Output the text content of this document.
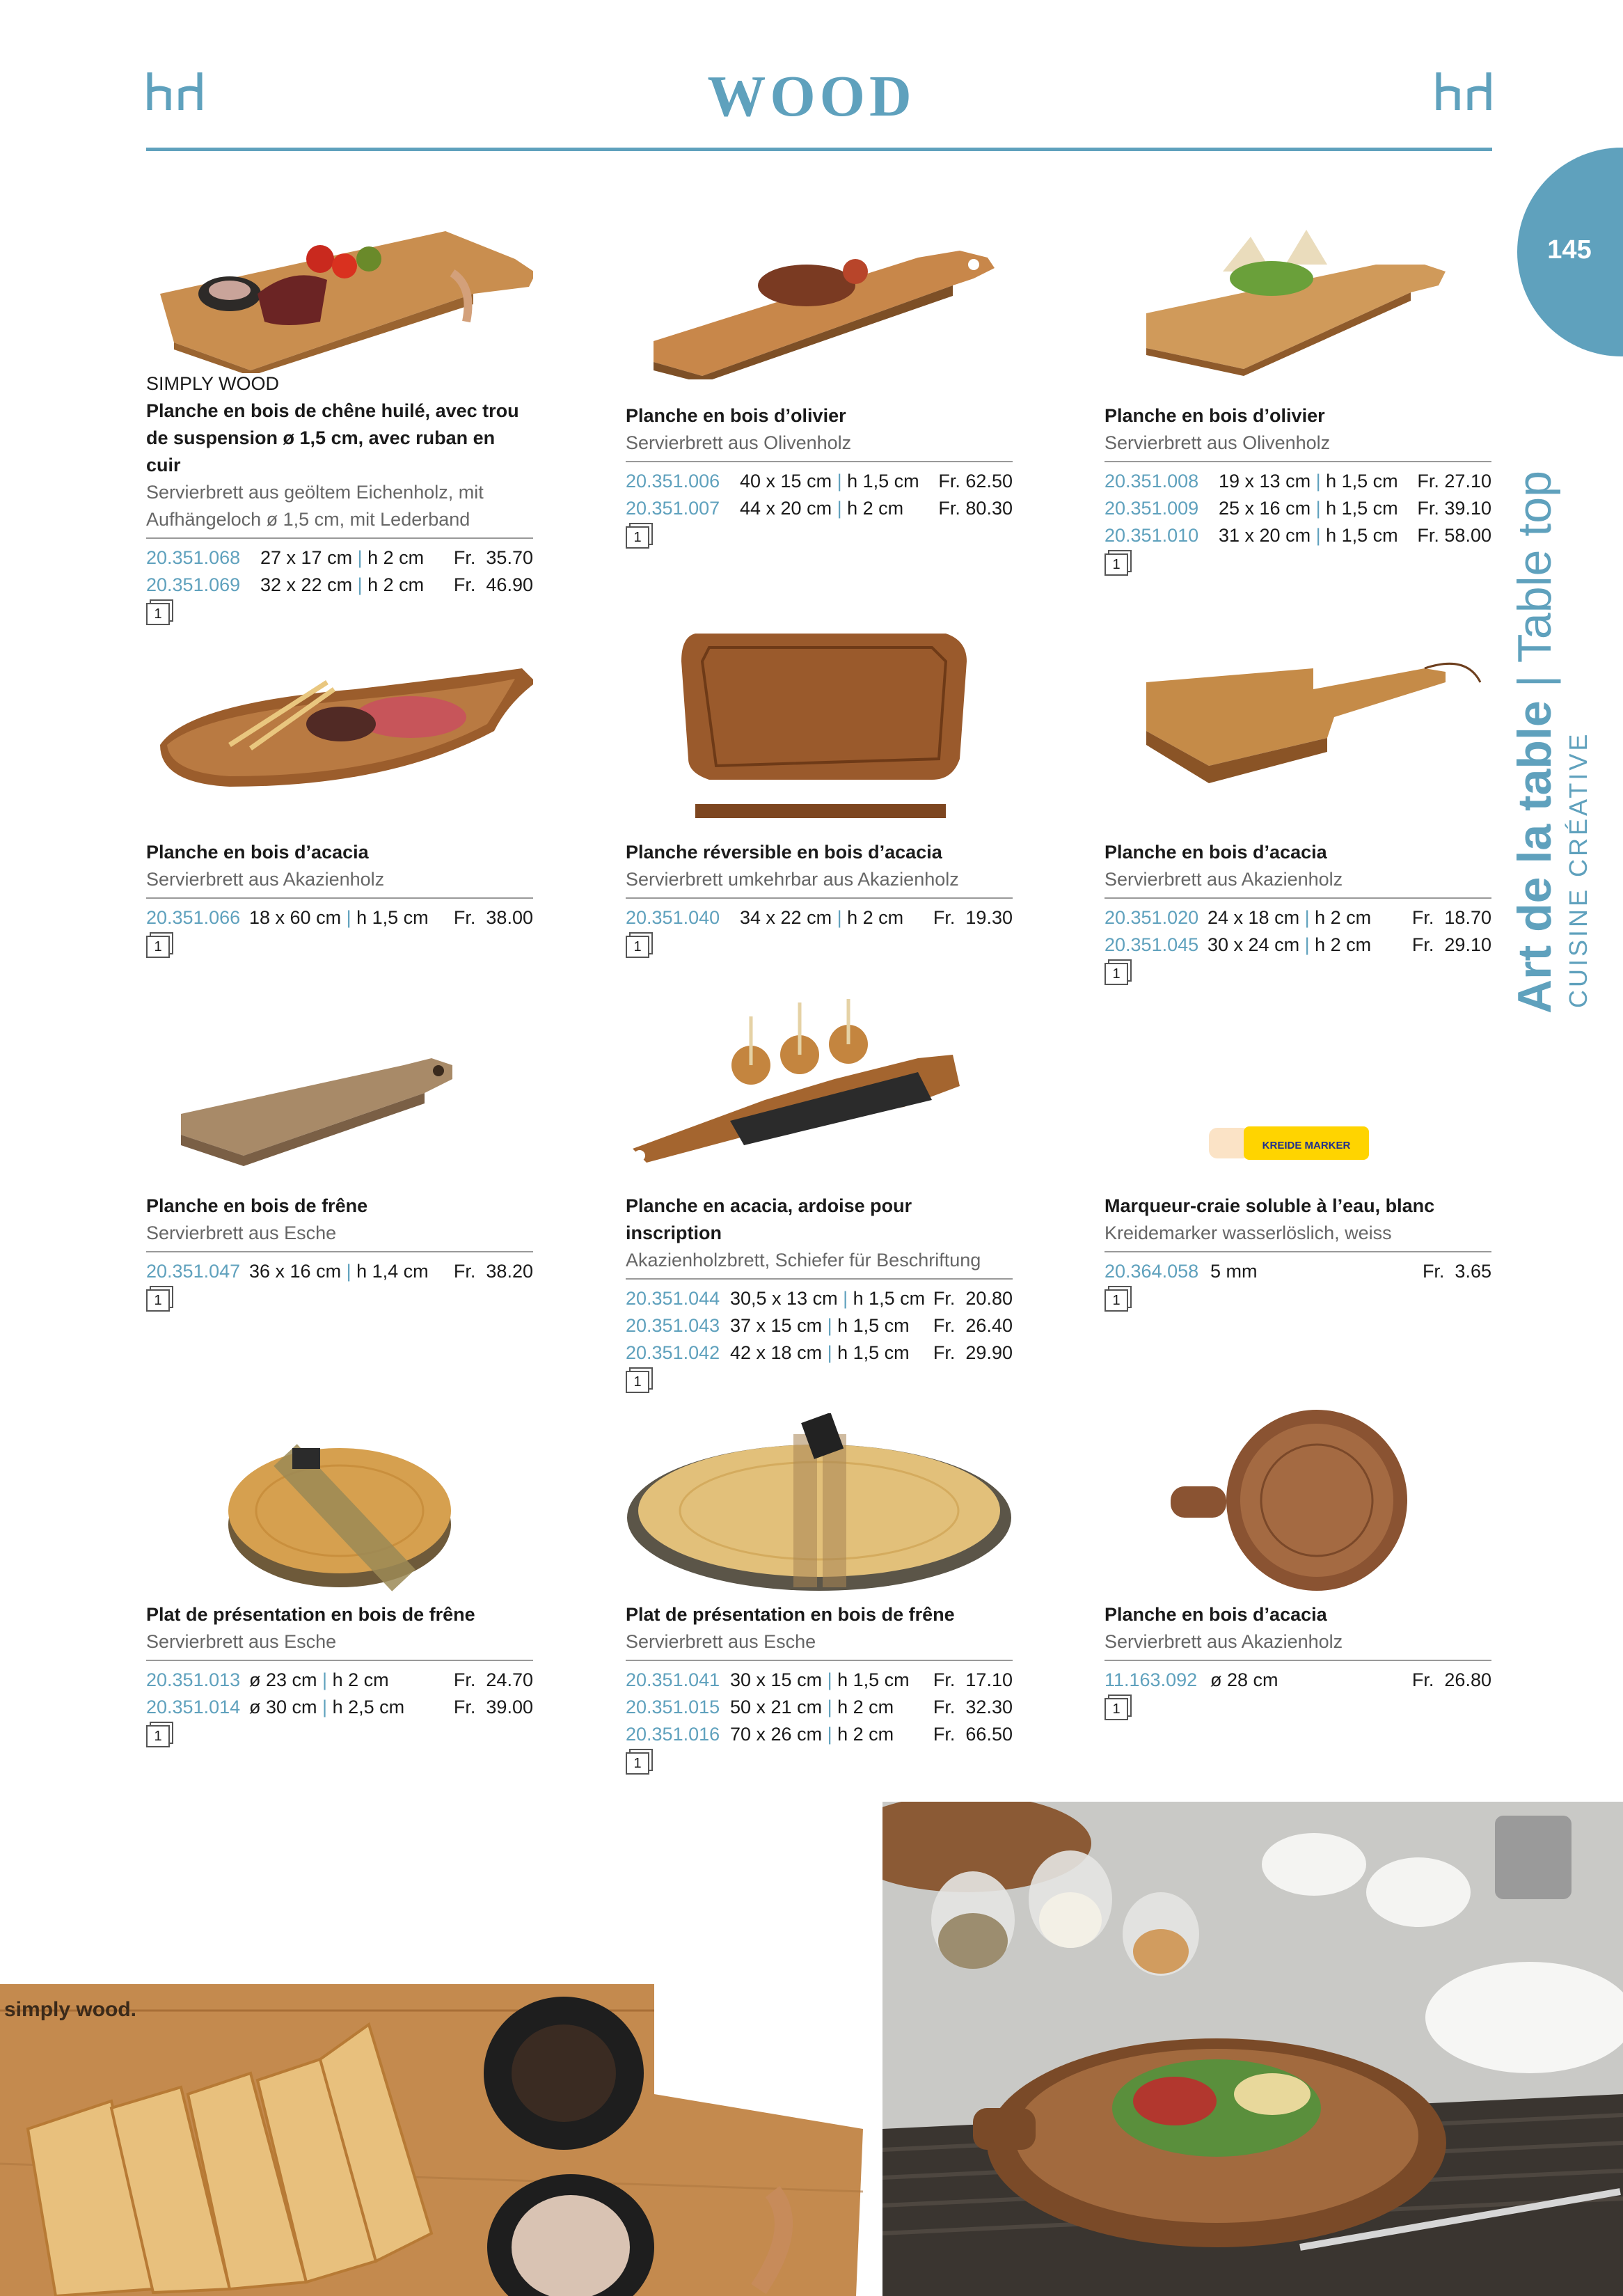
WOOD
145
Art de la table | Table top
CUISINE CRÉATIVE
SIMPLY WOOD
Planche en bois de chêne huilé, avec trou de suspension ø 1,5 cm, avec ruban en cuir
Servierbrett aus geöltem Eichenholz, mit Aufhängeloch ø 1,5 cm, mit Lederband
20.351.068 27 x 17 cm | h 2 cm Fr.  35.70
20.351.069 32 x 22 cm | h 2 cm Fr.  46.90
1
Planche en bois d’olivier
Servierbrett aus Olivenholz
20.351.006 40 x 15 cm | h 1,5 cm Fr. 62.50
20.351.007 44 x 20 cm | h 2 cm Fr. 80.30
1
Planche en bois d’olivier
Servierbrett aus Olivenholz
20.351.008 19 x 13 cm | h 1,5 cm Fr. 27.10
20.351.009 25 x 16 cm | h 1,5 cm Fr. 39.10
20.351.010 31 x 20 cm | h 1,5 cm Fr. 58.00
1
Planche en bois d’acacia
Servierbrett aus Akazienholz
20.351.066 18 x 60 cm | h 1,5 cm Fr.  38.00
1
Planche réversible en bois d’acacia
Servierbrett umkehrbar aus Akazienholz
20.351.040 34 x 22 cm | h 2 cm Fr.  19.30
1
Planche en bois d’acacia
Servierbrett aus Akazienholz
20.351.020 24 x 18 cm | h 2 cm Fr.  18.70
20.351.045 30 x 24 cm | h 2 cm Fr.  29.10
1
Planche en bois de frêne
Servierbrett aus Esche
20.351.047 36 x 16 cm | h 1,4 cm Fr.  38.20
1
Planche en acacia, ardoise pour inscription
Akazienholzbrett, Schiefer für Beschriftung
20.351.044 30,5 x 13 cm | h 1,5 cm Fr.  20.80
20.351.043 37 x 15 cm | h 1,5 cm Fr.  26.40
20.351.042 42 x 18 cm | h 1,5 cm Fr.  29.90
1
KREIDE MARKER
Marqueur-craie soluble à l’eau, blanc
Kreidemarker wasserlöslich, weiss
20.364.058 5 mm	Fr.  3.65
1
Plat de présentation en bois de frêne
Servierbrett aus Esche
20.351.013 ø 23 cm | h 2 cm	Fr.  24.70
20.351.014 ø 30 cm | h 2,5 cm	Fr.  39.00
1
Plat de présentation en bois de frêne
Servierbrett aus Esche
20.351.041 30 x 15 cm | h 1,5 cm Fr.  17.10
20.351.015 50 x 21 cm | h 2 cm Fr.  32.30
20.351.016 70 x 26 cm | h 2 cm Fr.  66.50
1
Planche en bois d’acacia
Servierbrett aus Akazienholz
11.163.092 ø 28 cm	Fr.  26.80
1
simply wood.
